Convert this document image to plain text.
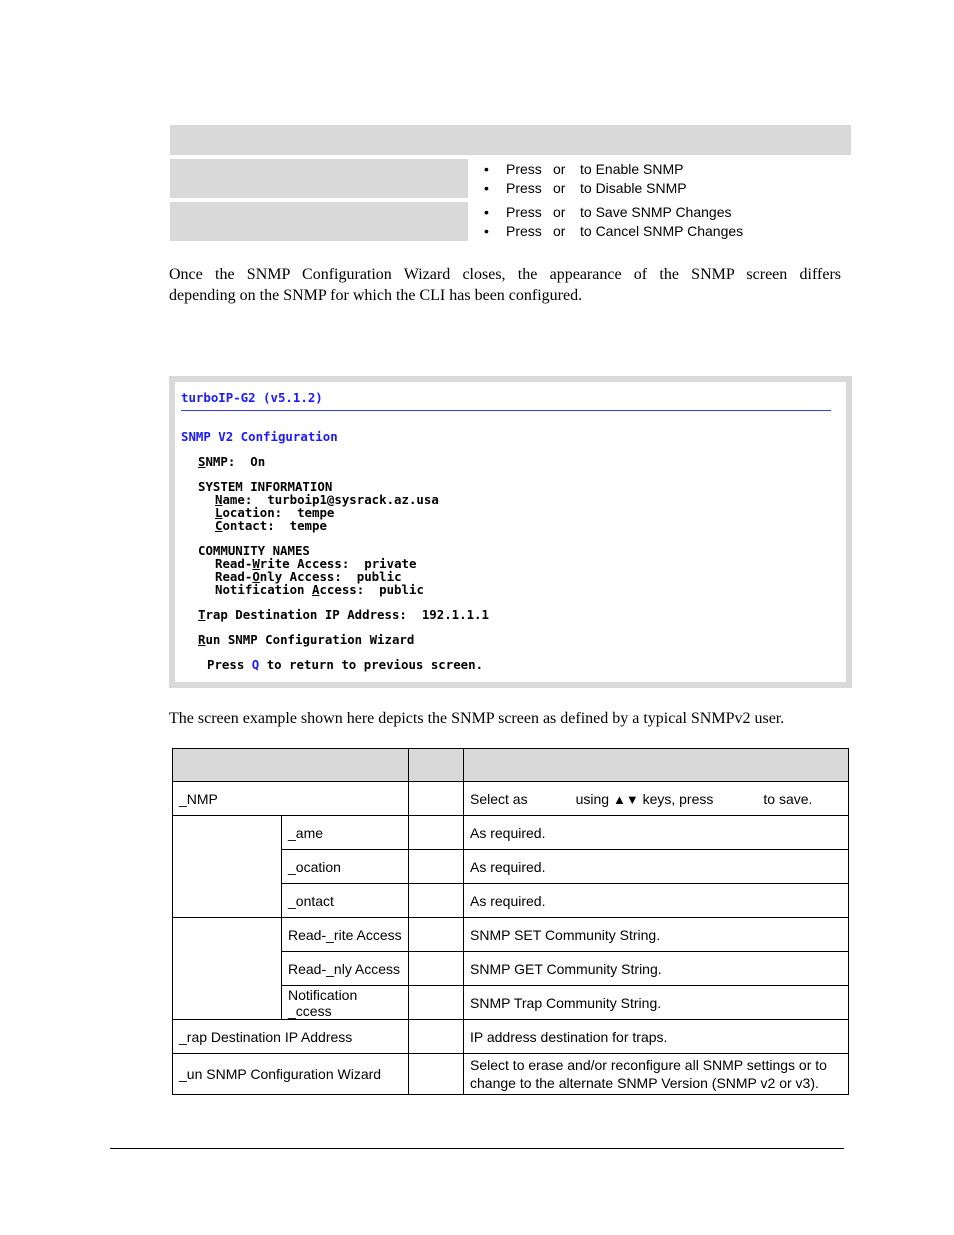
• Press or to Enable SNMP
• Press or to Disable SNMP
• Press or to Save SNMP Changes
• Press or to Cancel SNMP Changes
Once the SNMP Configuration Wizard closes, the appearance of the SNMP screen differs
depending on the SNMP for which the CLI has been configured.
turboIP-G2 (v5.1.2)
SNMP V2 Configuration
SNMP: On
SYSTEM INFORMATION
Name: turboip1@sysrack.az.usa
Location: tempe
Contact: tempe
COMMUNITY NAMES
Read-Write Access: private
Read-Only Access: public
Notification Access: public
Trap Destination IP Address: 192.1.1.1
Run SNMP Configuration Wizard
Press Q to return to previous screen.
The screen example shown here depicts the SNMP screen as defined by a typical SNMPv2 user.

_NMP			Select as using ▲▼ keys, press to save.
	_ame		As required.
	_ocation		As required.
	_ontact		As required.
	Read-_rite Access		SNMP SET Community String.
	Read-_nly Access		SNMP GET Community String.
	Notification _ccess		SNMP Trap Community String.
_rap Destination IP Address			IP address destination for traps.
_un SNMP Configuration Wizard			Select to erase and/or reconfigure all SNMP settings or to change to the alternate SNMP Version (SNMP v2 or v3).
